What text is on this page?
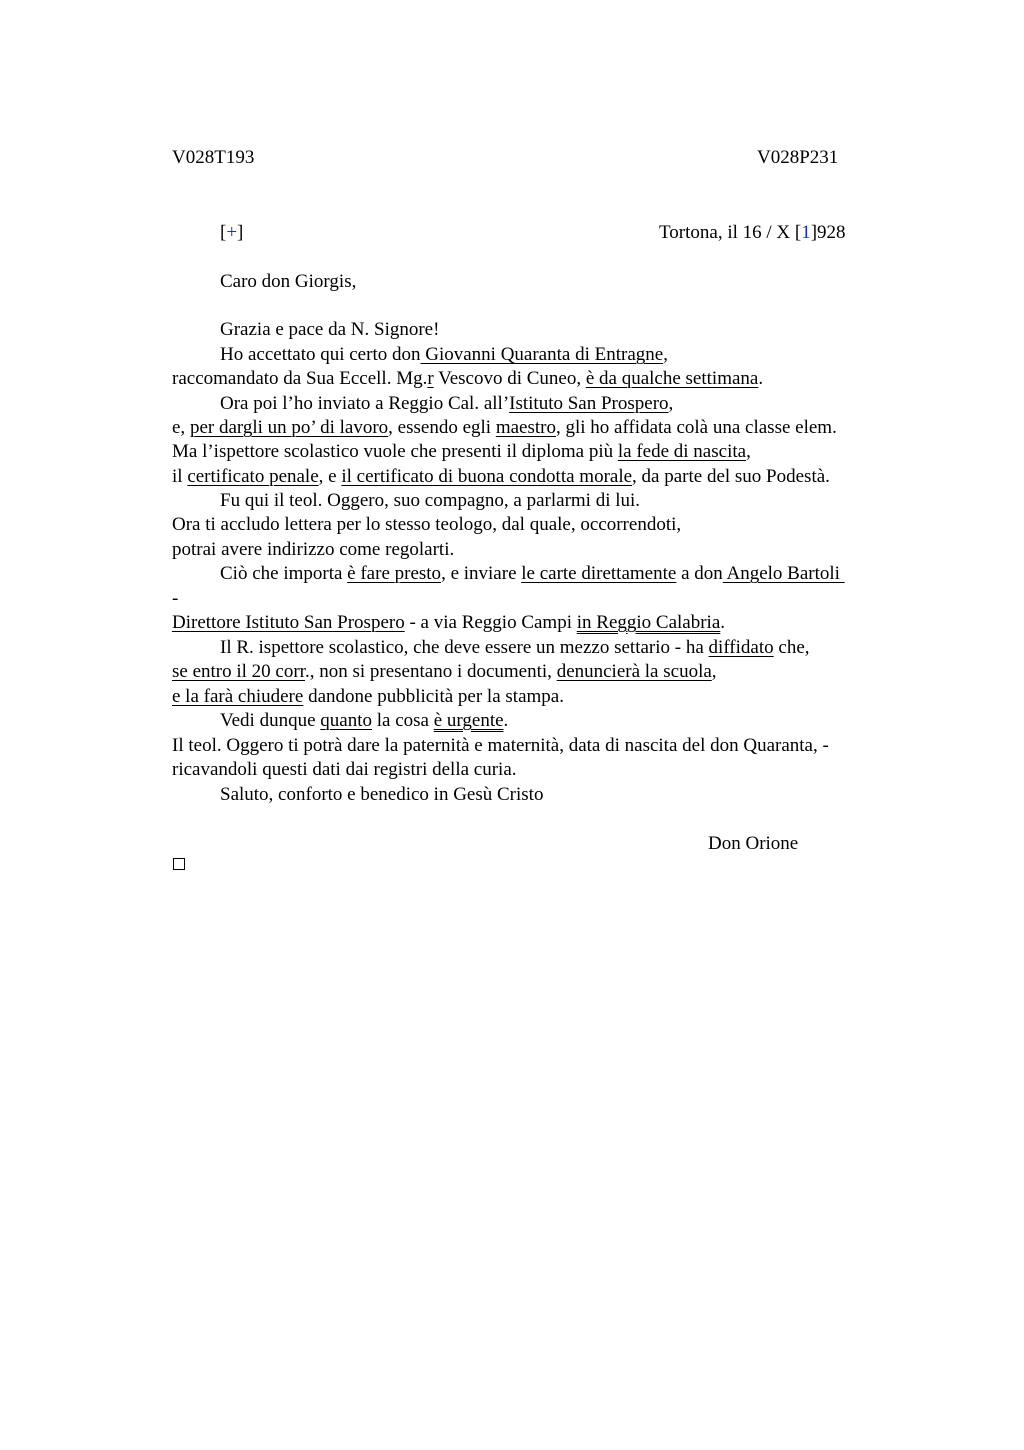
V028T193	V028P231
[+]	Tortona, il 16 / X [1]928
Caro don Giorgis,
Grazia e pace da N. Signore!
Ho accettato qui certo don Giovanni Quaranta di Entragne,
raccomandato da Sua Eccell. Mg.r Vescovo di Cuneo, è da qualche settimana.
Ora poi l’ho inviato a Reggio Cal. all’Istituto San Prospero,
e, per dargli un po’ di lavoro, essendo egli maestro, gli ho affidata colà una classe elem.
Ma l’ispettore scolastico vuole che presenti il diploma più la fede di nascita,
il certificato penale, e il certificato di buona condotta morale, da parte del suo Podestà.
Fu qui il teol. Oggero, suo compagno, a parlarmi di lui.
Ora ti accludo lettera per lo stesso teologo, dal quale, occorrendoti,
potrai avere indirizzo come regolarti.
Ciò che importa è fare presto, e inviare le carte direttamente a don Angelo Bartoli
-
Direttore Istituto San Prospero - a via Reggio Campi in Reggio Calabria.
Il R. ispettore scolastico, che deve essere un mezzo settario - ha diffidato che,
se entro il 20 corr., non si presentano i documenti, denuncierà la scuola,
e la farà chiudere dandone pubblicità per la stampa.
Vedi dunque quanto la cosa è urgente.
Il teol. Oggero ti potrà dare la paternità e maternità, data di nascita del don Quaranta, -
ricavandoli questi dati dai registri della curia.
Saluto, conforto e benedico in Gesù Cristo
Don Orione
